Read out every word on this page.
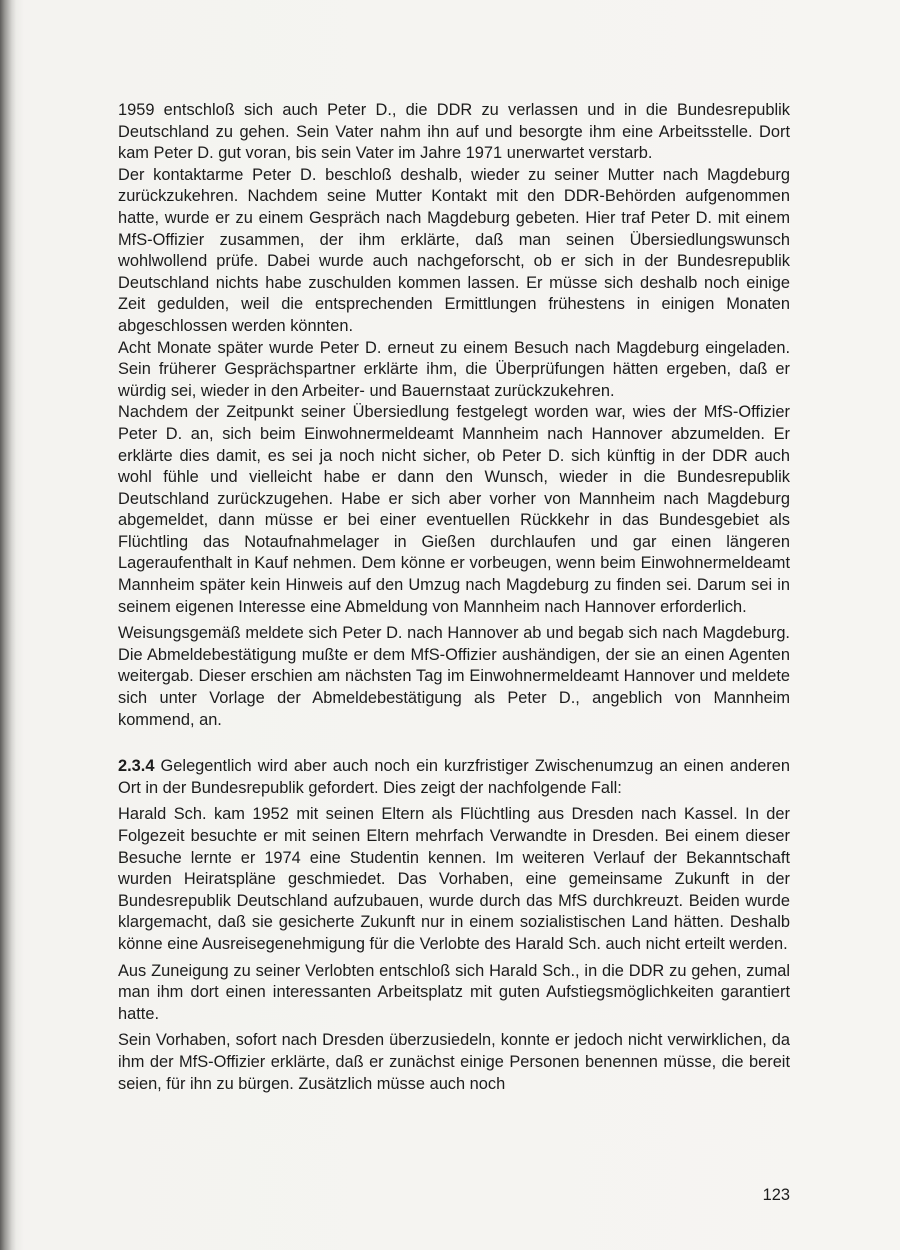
1959 entschloß sich auch Peter D., die DDR zu verlassen und in die Bundesrepublik Deutschland zu gehen. Sein Vater nahm ihn auf und besorgte ihm eine Arbeitsstelle. Dort kam Peter D. gut voran, bis sein Vater im Jahre 1971 unerwartet verstarb.

Der kontaktarme Peter D. beschloß deshalb, wieder zu seiner Mutter nach Magdeburg zurückzukehren. Nachdem seine Mutter Kontakt mit den DDR-Behörden aufgenommen hatte, wurde er zu einem Gespräch nach Magdeburg gebeten. Hier traf Peter D. mit einem MfS-Offizier zusammen, der ihm erklärte, daß man seinen Übersiedlungswunsch wohlwollend prüfe. Dabei wurde auch nachgeforscht, ob er sich in der Bundesrepublik Deutschland nichts habe zuschulden kommen lassen. Er müsse sich deshalb noch einige Zeit gedulden, weil die entsprechenden Ermittlungen frühestens in einigen Monaten abgeschlossen werden könnten.

Acht Monate später wurde Peter D. erneut zu einem Besuch nach Magdeburg eingeladen. Sein früherer Gesprächspartner erklärte ihm, die Überprüfungen hätten ergeben, daß er würdig sei, wieder in den Arbeiter- und Bauernstaat zurückzukehren.

Nachdem der Zeitpunkt seiner Übersiedlung festgelegt worden war, wies der MfS-Offizier Peter D. an, sich beim Einwohnermeldeamt Mannheim nach Hannover abzumelden. Er erklärte dies damit, es sei ja noch nicht sicher, ob Peter D. sich künftig in der DDR auch wohl fühle und vielleicht habe er dann den Wunsch, wieder in die Bundesrepublik Deutschland zurückzugehen. Habe er sich aber vorher von Mannheim nach Magdeburg abgemeldet, dann müsse er bei einer eventuellen Rückkehr in das Bundesgebiet als Flüchtling das Notaufnahmelager in Gießen durchlaufen und gar einen längeren Lageraufenthalt in Kauf nehmen. Dem könne er vorbeugen, wenn beim Einwohnermeldeamt Mannheim später kein Hinweis auf den Umzug nach Magdeburg zu finden sei. Darum sei in seinem eigenen Interesse eine Abmeldung von Mannheim nach Hannover erforderlich.

Weisungsgemäß meldete sich Peter D. nach Hannover ab und begab sich nach Magdeburg. Die Abmeldebestätigung mußte er dem MfS-Offizier aushändigen, der sie an einen Agenten weitergab. Dieser erschien am nächsten Tag im Einwohnermeldeamt Hannover und meldete sich unter Vorlage der Abmeldebestätigung als Peter D., angeblich von Mannheim kommend, an.

2.3.4 Gelegentlich wird aber auch noch ein kurzfristiger Zwischenumzug an einen anderen Ort in der Bundesrepublik gefordert. Dies zeigt der nachfolgende Fall:

Harald Sch. kam 1952 mit seinen Eltern als Flüchtling aus Dresden nach Kassel. In der Folgezeit besuchte er mit seinen Eltern mehrfach Verwandte in Dresden. Bei einem dieser Besuche lernte er 1974 eine Studentin kennen. Im weiteren Verlauf der Bekanntschaft wurden Heiratspläne geschmiedet. Das Vorhaben, eine gemeinsame Zukunft in der Bundesrepublik Deutschland aufzubauen, wurde durch das MfS durchkreuzt. Beiden wurde klargemacht, daß sie gesicherte Zukunft nur in einem sozialistischen Land hätten. Deshalb könne eine Ausreisegenehmigung für die Verlobte des Harald Sch. auch nicht erteilt werden.

Aus Zuneigung zu seiner Verlobten entschloß sich Harald Sch., in die DDR zu gehen, zumal man ihm dort einen interessanten Arbeitsplatz mit guten Aufstiegsmöglichkeiten garantiert hatte.

Sein Vorhaben, sofort nach Dresden überzusiedeln, konnte er jedoch nicht verwirklichen, da ihm der MfS-Offizier erklärte, daß er zunächst einige Personen benennen müsse, die bereit seien, für ihn zu bürgen. Zusätzlich müsse auch noch

123
